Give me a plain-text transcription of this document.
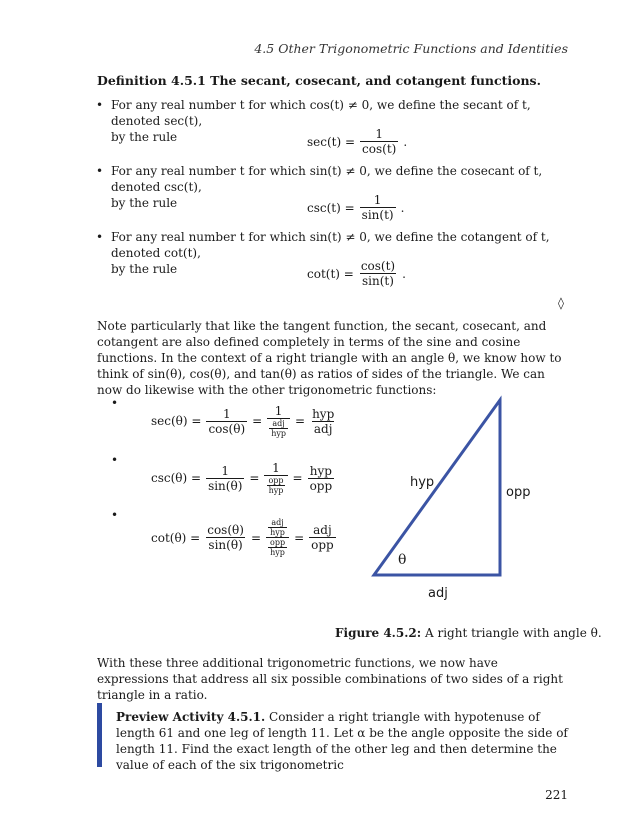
4.5 Other Trigonometric Functions and Identities
Definition 4.5.1 The secant, cosecant, and cotangent functions.
• For any real number t for which cos(t) ≠ 0, we define the secant of t, denoted sec(t),
by the rule	$\sec(t) = \frac{1}{\cos(t)}$ .
• For any real number t for which sin(t) ≠ 0, we define the cosecant of t, denoted csc(t),
by the rule	$\csc(t) = \frac{1}{\sin(t)}$ .
• For any real number t for which sin(t) ≠ 0, we define the cotangent of t, denoted cot(t),
by the rule	$\cot(t) = \frac{\cos(t)}{\sin(t)}$ .
◊
Note particularly that like the tangent function, the secant, cosecant, and cotangent are also defined completely in terms of the sine and cosine functions. In the context of a right triangle with an angle θ, we know how to think of sin(θ), cos(θ), and tan(θ) as ratios of sides of the triangle. We can now do likewise with the other trigonometric functions:
•
$\sec(\theta) = \frac{1}{\cos(\theta)} = \frac{1}{\frac{\text{adj}}{\text{hyp}}} = \frac{\text{hyp}}{\text{adj}}$
•
$\csc(\theta) = \frac{1}{\sin(\theta)} = \frac{1}{\frac{\text{opp}}{\text{hyp}}} = \frac{\text{hyp}}{\text{opp}}$
•
$\cot(\theta) = \frac{\cos(\theta)}{\sin(\theta)} = \frac{\frac{\text{adj}}{\text{hyp}}}{\frac{\text{opp}}{\text{hyp}}} = \frac{\text{adj}}{\text{opp}}$
hyp
opp
adj
θ
Figure 4.5.2: A right triangle with angle θ.
With these three additional trigonometric functions, we now have expressions that address all six possible combinations of two sides of a right triangle in a ratio.
Preview Activity 4.5.1. Consider a right triangle with hypotenuse of length 61 and one leg of length 11. Let α be the angle opposite the side of length 11. Find the exact length of the other leg and then determine the value of each of the six trigonometric
221
